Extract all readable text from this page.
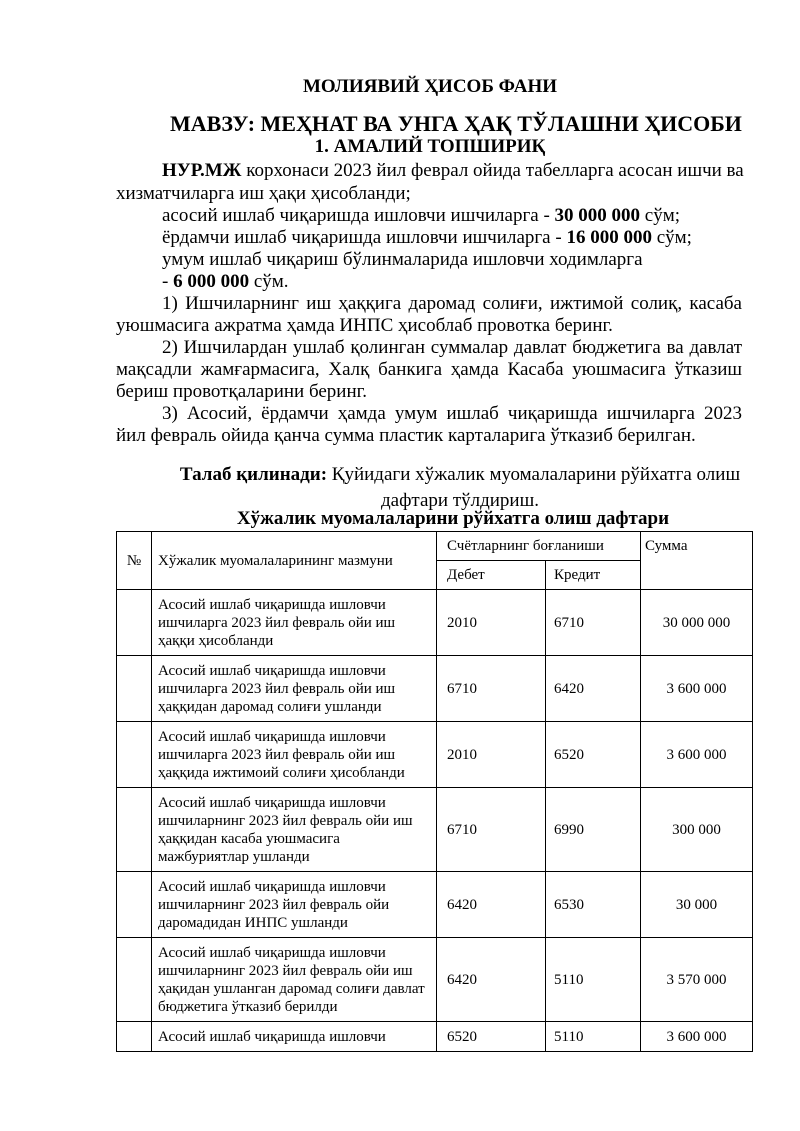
МОЛИЯВИЙ ҲИСОБ ФАНИ
МАВЗУ: МЕҲНАТ ВА УНГА ҲАҚ ТЎЛАШНИ ҲИСОБИ
1. АМАЛИЙ ТОПШИРИҚ
НУР.МЖ корхонаси 2023 йил феврал ойида табелларга асосан ишчи ва
хизматчиларга иш ҳақи ҳисобланди;
асосий ишлаб чиқаришда ишловчи ишчиларга - 30 000 000 сўм;
ёрдамчи ишлаб чиқаришда ишловчи ишчиларга - 16 000 000 сўм;
умум ишлаб чиқариш бўлинмаларида ишловчи ходимларга
- 6 000 000 сўм.
1) Ишчиларнинг иш ҳаққига даромад солиғи, ижтимой солиқ, касаба уюшмасига ажратма ҳамда ИНПС ҳисоблаб провотка беринг.
2) Ишчилардан ушлаб қолинган суммалар давлат бюджетига ва давлат мақсадли жамғармасига, Халқ банкига ҳамда Касаба уюшмасига ўтказиш бериш провотқаларини беринг.
3) Асосий, ёрдамчи ҳамда умум ишлаб чиқаришда ишчиларга 2023 йил февраль ойида қанча сумма пластик карталарига ўтказиб берилган.
Талаб қилинади: Қуйидаги хўжалик муомалаларини рўйхатга олиш дафтари тўлдириш.
Хўжалик муомалаларини рўйхатга олиш дафтари
№	Хўжалик муомалаларининг мазмуни	Счётларнинг боғланиши		Сумма
		Дебет	Кредит	
	Асосий ишлаб чиқаришда ишловчи ишчиларга 2023 йил февраль ойи иш ҳаққи ҳисобланди	2010	6710	30 000 000
	Асосий ишлаб чиқаришда ишловчи ишчиларга 2023 йил февраль ойи иш ҳаққидан даромад солиғи ушланди	6710	6420	3 600 000
	Асосий ишлаб чиқаришда ишловчи ишчиларга 2023 йил февраль ойи иш ҳаққида ижтимоий солиғи ҳисобланди	2010	6520	3 600 000
	Асосий ишлаб чиқаришда ишловчи ишчиларнинг 2023 йил февраль ойи иш ҳаққидан касаба уюшмасига мажбуриятлар ушланди	6710	6990	300 000
	Асосий ишлаб чиқаришда ишловчи ишчиларнинг 2023 йил февраль ойи даромадидан ИНПС ушланди	6420	6530	30 000
	Асосий ишлаб чиқаришда ишловчи ишчиларнинг 2023 йил февраль ойи иш ҳақидан ушланган даромад солиғи давлат бюджетига ўтказиб берилди	6420	5110	3 570 000
	Асосий ишлаб чиқаришда ишловчи	6520	5110	3 600 000
